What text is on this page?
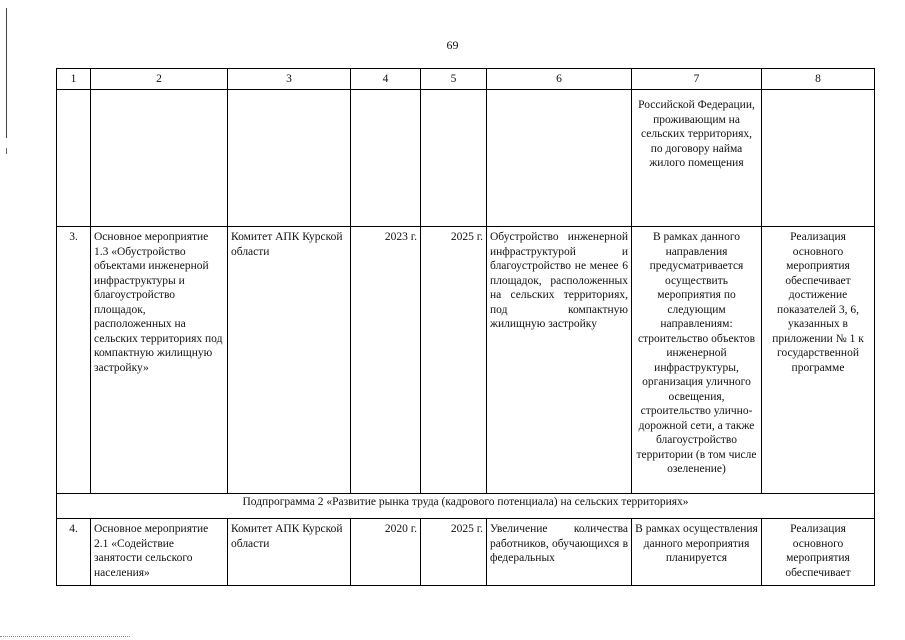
69
1	2	3	4	5	6	7	8
						Российской Федерации, проживающим на сельских территориях, по договору найма жилого помещения	
3.	Основное мероприятие 1.3 «Обустройство объектами инженерной инфраструктуры и благоустройство площадок, расположенных на сельских территориях под компактную жилищную застройку»	Комитет АПК Курской области	2023 г.	2025 г.	Обустройство инженерной инфраструктурой и благоустройство не менее 6 площадок, расположенных на сельских территориях, под компактную жилищную застройку	В рамках данного направления предусматривается осуществить мероприятия по следующим направлениям: строительство объектов инженерной инфраструктуры, организация уличного освещения, строительство улично-дорожной сети, а также благоустройство территории (в том числе озеленение)	Реализация основного мероприятия обеспечивает достижение показателей 3, 6, указанных в приложении № 1 к государственной программе
Подпрограмма 2 «Развитие рынка труда (кадрового потенциала) на сельских территориях»							

4.	Основное мероприятие 2.1 «Содействие занятости сельского населения»	Комитет АПК Курской области	2020 г.	2025 г.	Увеличение количества работников, обучающихся в федеральных	В рамках осуществления данного мероприятия планируется	Реализация основного мероприятия обеспечивает
